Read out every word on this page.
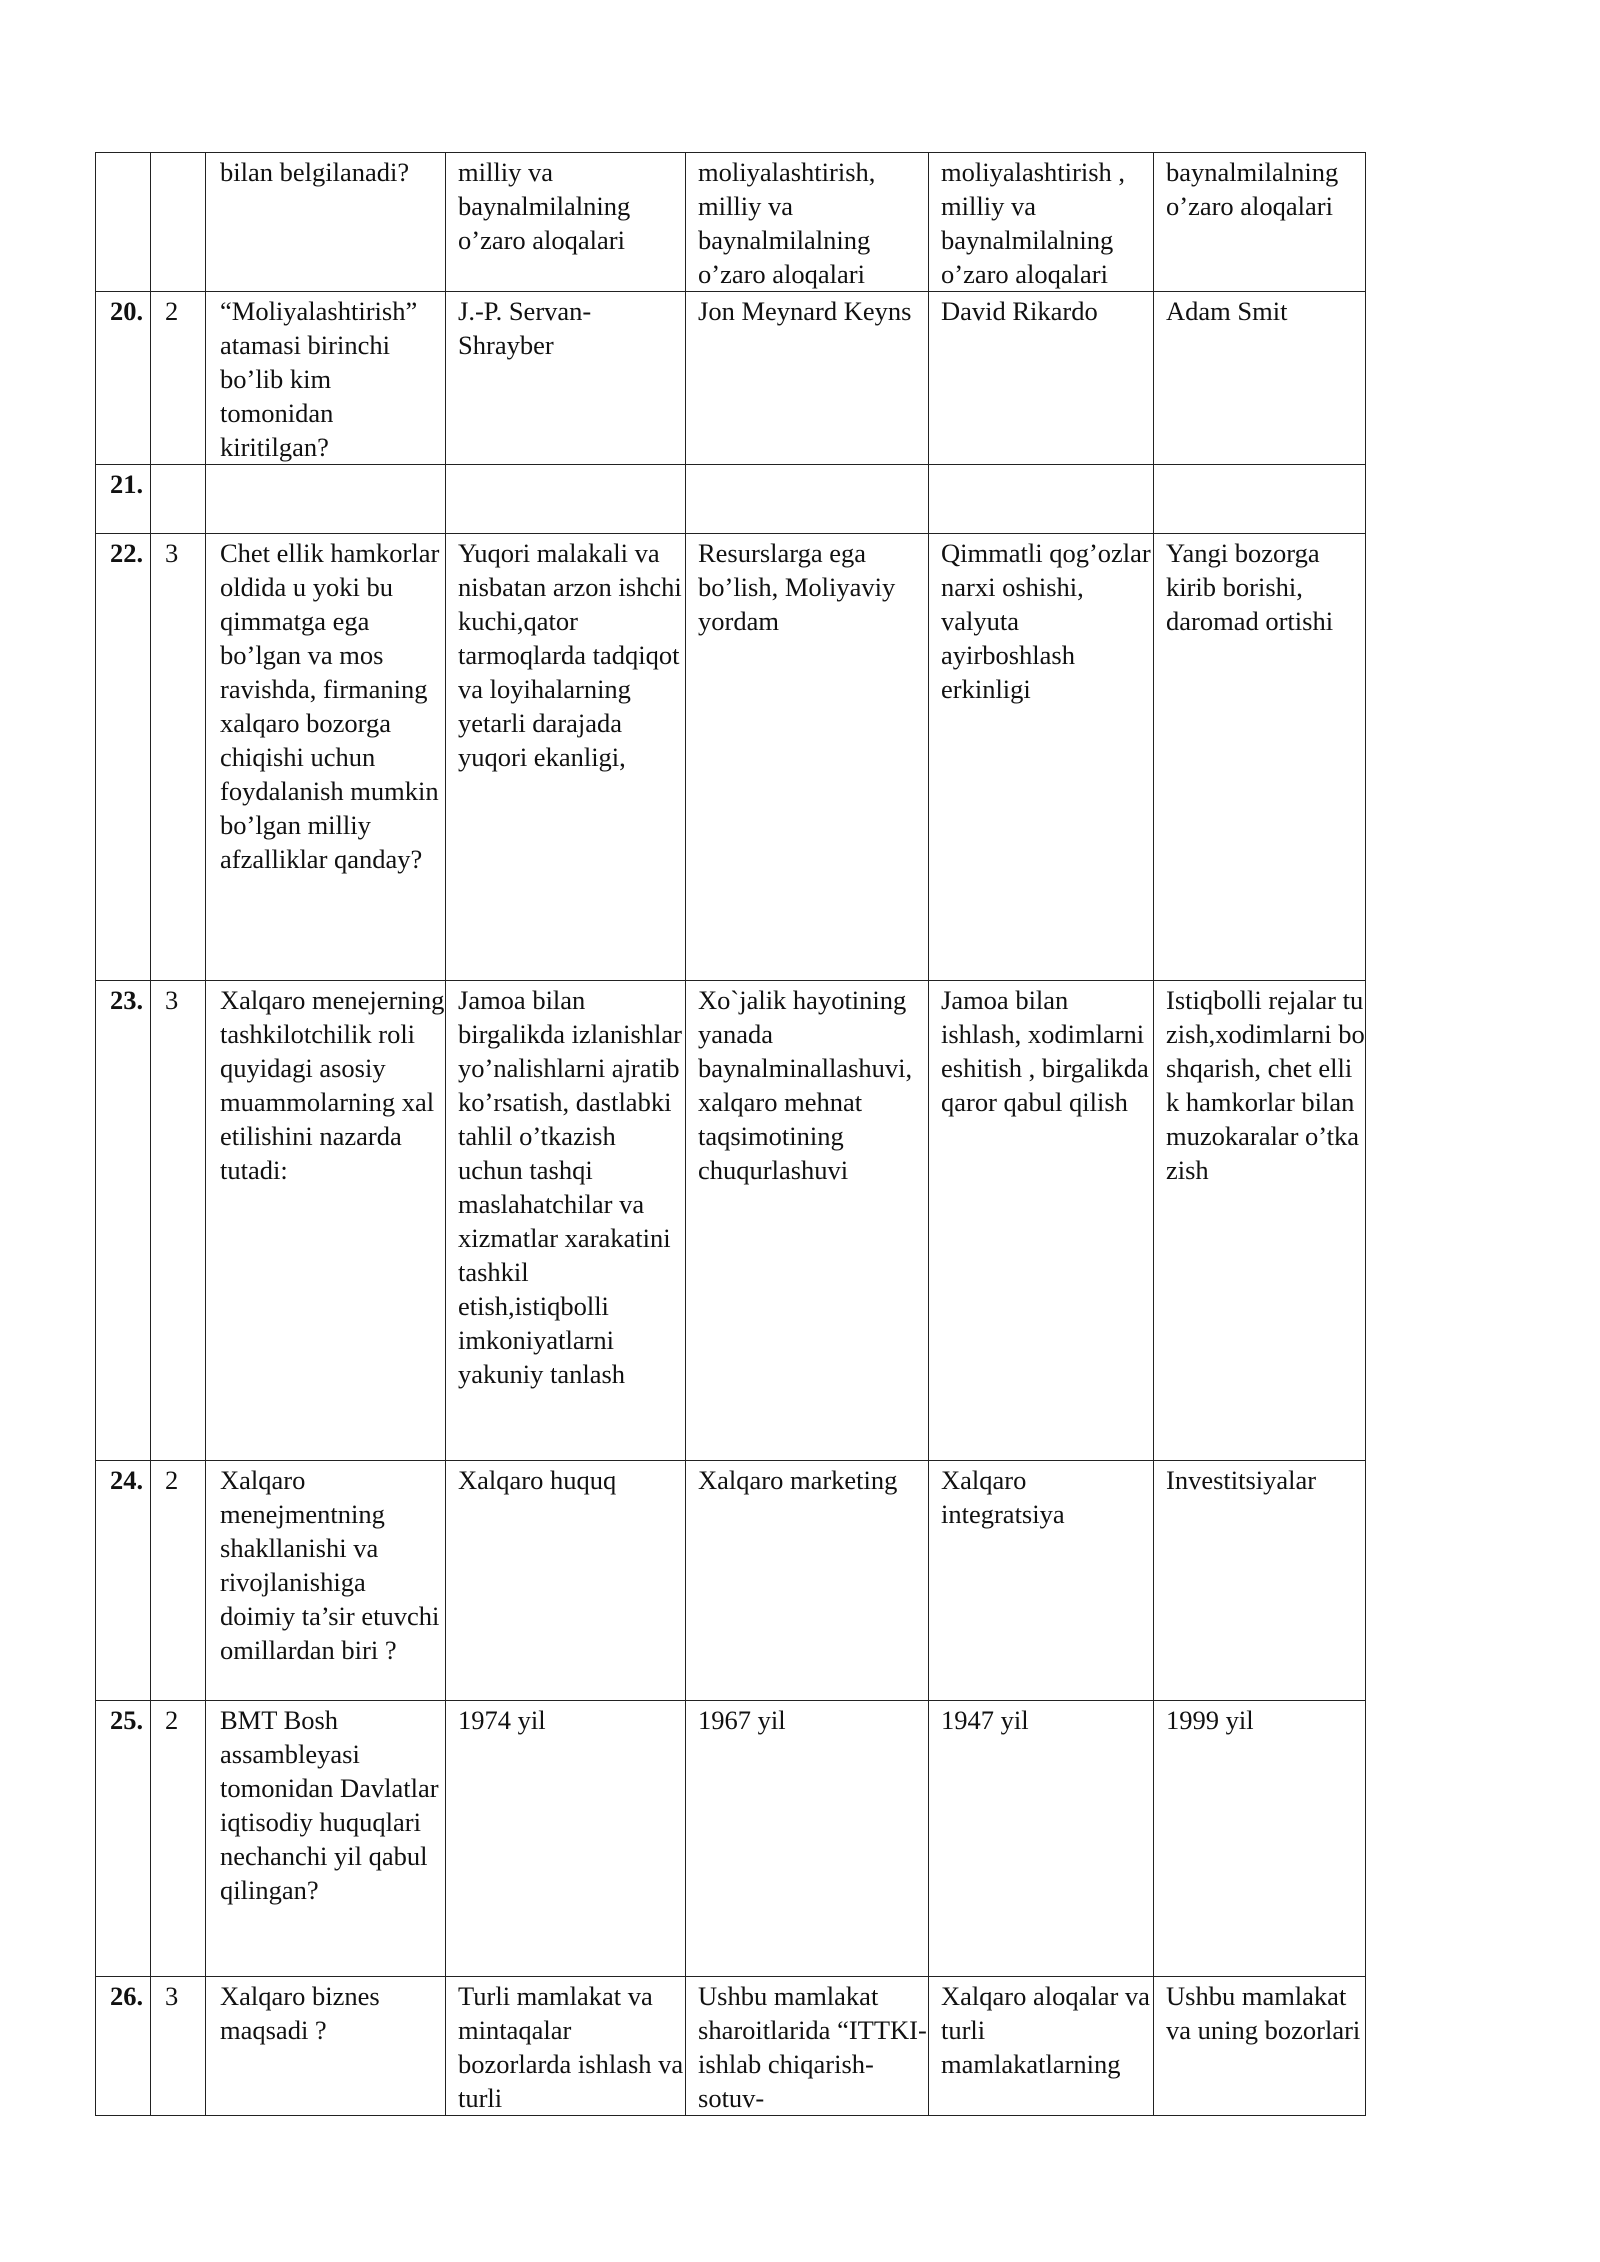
		bilan belgilanadi?	milliy va baynalmilalning o’zaro aloqalari	moliyalashtirish, milliy va baynalmilalning o’zaro aloqalari	moliyalashtirish , milliy va baynalmilalning o’zaro aloqalari	baynalmilalning o’zaro aloqalari
20.	2	“Moliyalashtirish” atamasi birinchi bo’lib kim tomonidan kiritilgan?	J.-P. Servan-Shrayber	Jon Meynard Keyns	David Rikardo	Adam Smit
21.						
22.	3	Chet ellik hamkorlar oldida u yoki bu qimmatga ega bo’lgan va mos ravishda, firmaning xalqaro bozorga chiqishi uchun foydalanish mumkin bo’lgan milliy afzalliklar qanday?	Yuqori malakali va nisbatan arzon ishchi kuchi,qator tarmoqlarda tadqiqot va loyihalarning yetarli darajada yuqori ekanligi,	Resurslarga ega bo’lish, Moliyaviy yordam	Qimmatli qog’ozlar narxi oshishi, valyuta ayirboshlash erkinligi	Yangi bozorga kirib borishi, daromad ortishi
23.	3	Xalqaro menejerning tashkilotchilik roli quyidagi asosiy muammolarning xal etilishini nazarda tutadi:	Jamoa bilan birgalikda izlanishlar yo’nalishlarni ajratib ko’rsatish, dastlabki tahlil o’tkazish uchun tashqi maslahatchilar va xizmatlar xarakatini tashkil etish,istiqbolli imkoniyatlarni yakuniy tanlash	Xo`jalik hayotining yanada baynalminallashuvi, xalqaro mehnat taqsimotining chuqurlashuvi	Jamoa bilan ishlash, xodimlarni eshitish , birgalikda qaror qabul qilish	Istiqbolli rejalar tuzish,xodimlarni boshqarish, chet ellik hamkorlar bilan muzokaralar o’tkazish
24.	2	Xalqaro menejmentning shakllanishi va rivojlanishiga doimiy ta’sir etuvchi omillardan biri ?	Xalqaro huquq	Xalqaro marketing	Xalqaro integratsiya	Investitsiyalar
25.	2	BMT Bosh assambleyasi tomonidan Davlatlar iqtisodiy huquqlari nechanchi yil qabul qilingan?	1974 yil	1967 yil	1947 yil	1999 yil
26.	3	Xalqaro biznes maqsadi ?	Turli mamlakat va mintaqalar bozorlarda ishlash va turli	Ushbu mamlakat sharoitlarida “ITTKI-ishlab chiqarish-sotuv-	Xalqaro aloqalar va turli mamlakatlarning	Ushbu mamlakat va uning bozorlari
